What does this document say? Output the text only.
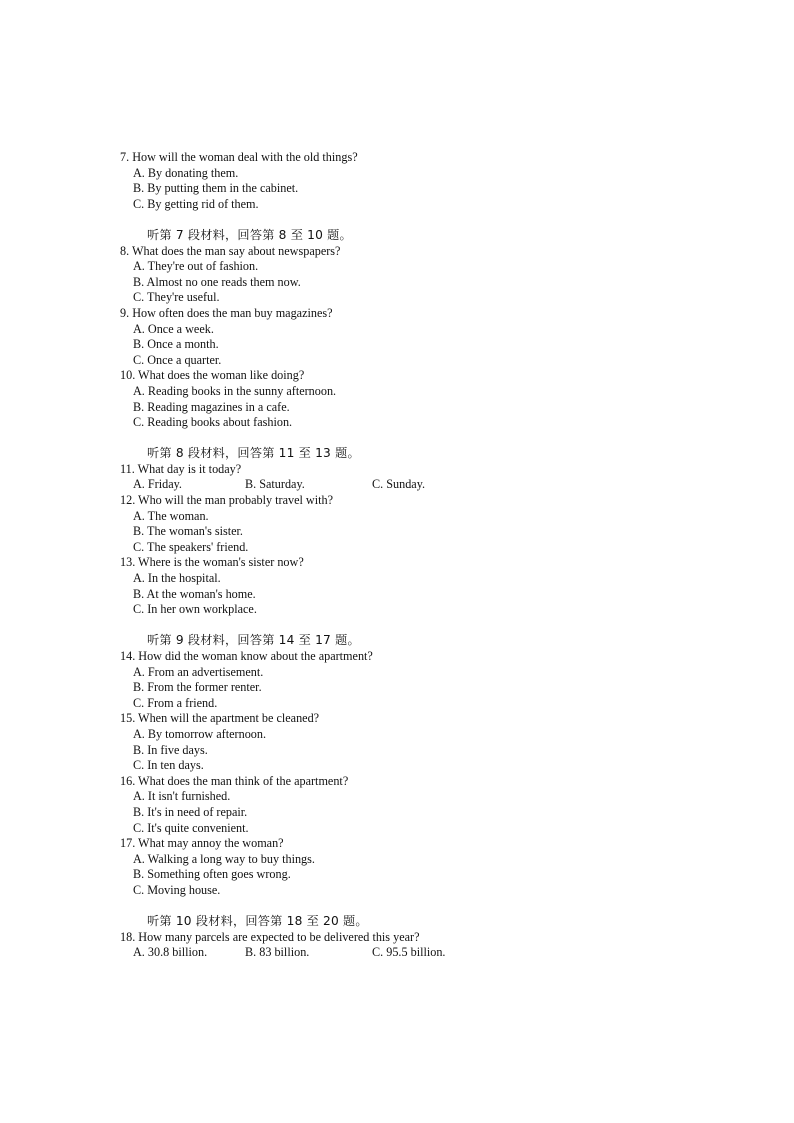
7. How will the woman deal with the old things?
A. By donating them.
B. By putting them in the cabinet.
C. By getting rid of them.
听第 7 段材料，回答第 8 至 10 题。
8. What does the man say about newspapers?
A. They're out of fashion.
B. Almost no one reads them now.
C. They're useful.
9. How often does the man buy magazines?
A. Once a week.
B. Once a month.
C. Once a quarter.
10. What does the woman like doing?
A. Reading books in the sunny afternoon.
B. Reading magazines in a cafe.
C. Reading books about fashion.
听第 8 段材料，回答第 11 至 13 题。
11. What day is it today?
A. Friday.	B. Saturday.	C. Sunday.
12. Who will the man probably travel with?
A. The woman.
B. The woman's sister.
C. The speakers' friend.
13. Where is the woman's sister now?
A. In the hospital.
B. At the woman's home.
C. In her own workplace.
听第 9 段材料，回答第 14 至 17 题。
14. How did the woman know about the apartment?
A. From an advertisement.
B. From the former renter.
C. From a friend.
15. When will the apartment be cleaned?
A. By tomorrow afternoon.
B. In five days.
C. In ten days.
16. What does the man think of the apartment?
A. It isn't furnished.
B. It's in need of repair.
C. It's quite convenient.
17. What may annoy the woman?
A. Walking a long way to buy things.
B. Something often goes wrong.
C. Moving house.
听第 10 段材料，回答第 18 至 20 题。
18. How many parcels are expected to be delivered this year?
A. 30.8 billion.	B. 83 billion.	C. 95.5 billion.
